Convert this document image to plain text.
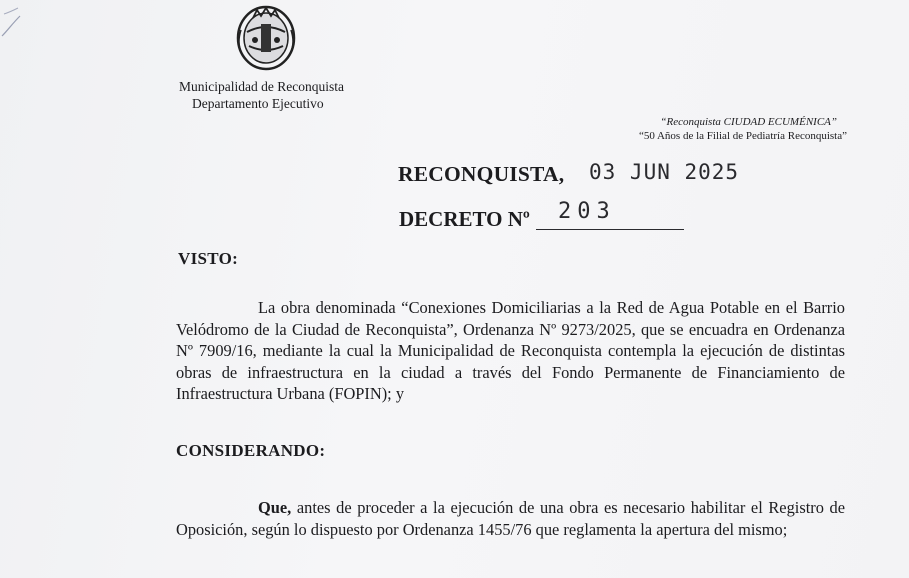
Municipalidad de Reconquista
Departamento Ejecutivo
“Reconquista CIUDAD ECUMÉNICA”
“50 Años de la Filial de Pediatría Reconquista”
RECONQUISTA, 03 JUN 2025
DECRETO Nº 203
VISTO:
La obra denominada “Conexiones Domiciliarias a la Red de Agua Potable en el Barrio Velódromo de la Ciudad de Reconquista”, Ordenanza Nº 9273/2025, que se encuadra en Ordenanza Nº 7909/16, mediante la cual la Municipalidad de Reconquista contempla la ejecución de distintas obras de infraestructura en la ciudad a través del Fondo Permanente de Financiamiento de Infraestructura Urbana (FOPIN); y
CONSIDERANDO:
Que, antes de proceder a la ejecución de una obra es necesario habilitar el Registro de Oposición, según lo dispuesto por Ordenanza 1455/76 que reglamenta la apertura del mismo;
